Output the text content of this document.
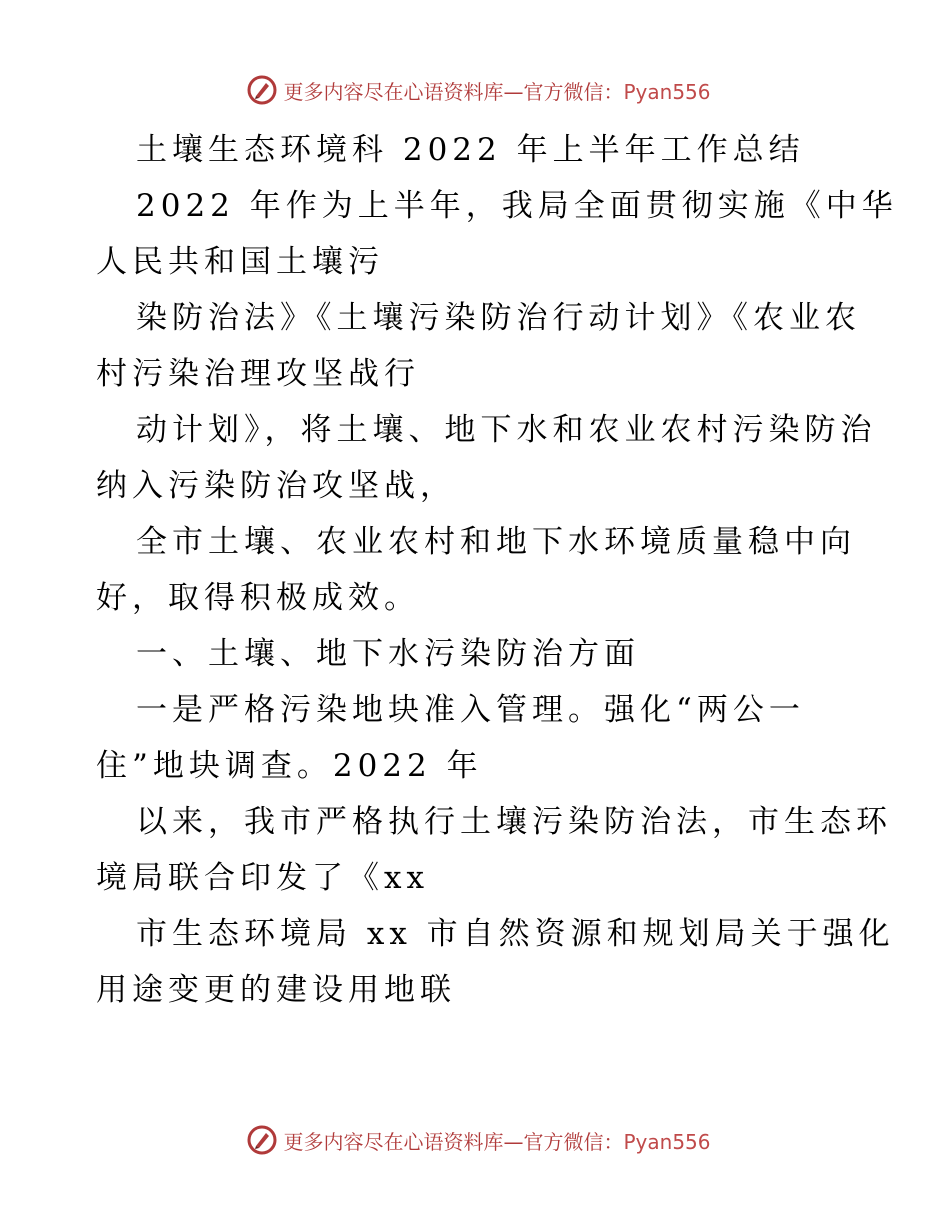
更多内容尽在心语资料库—官方微信：Pyan556

土壤生态环境科 2022 年上半年工作总结

2022 年作为上半年，我局全面贯彻实施《中华

人民共和国土壤污

染防治法》《土壤污染防治行动计划》《农业农

村污染治理攻坚战行

动计划》，将土壤、地下水和农业农村污染防治

纳入污染防治攻坚战，

全市土壤、农业农村和地下水环境质量稳中向

好，取得积极成效。

一、土壤、地下水污染防治方面

一是严格污染地块准入管理。强化“两公一

住”地块调查。2022 年

以来，我市严格执行土壤污染防治法，市生态环

境局联合印发了《xx

市生态环境局 xx 市自然资源和规划局关于强化

用途变更的建设用地联

更多内容尽在心语资料库—官方微信：Pyan556
